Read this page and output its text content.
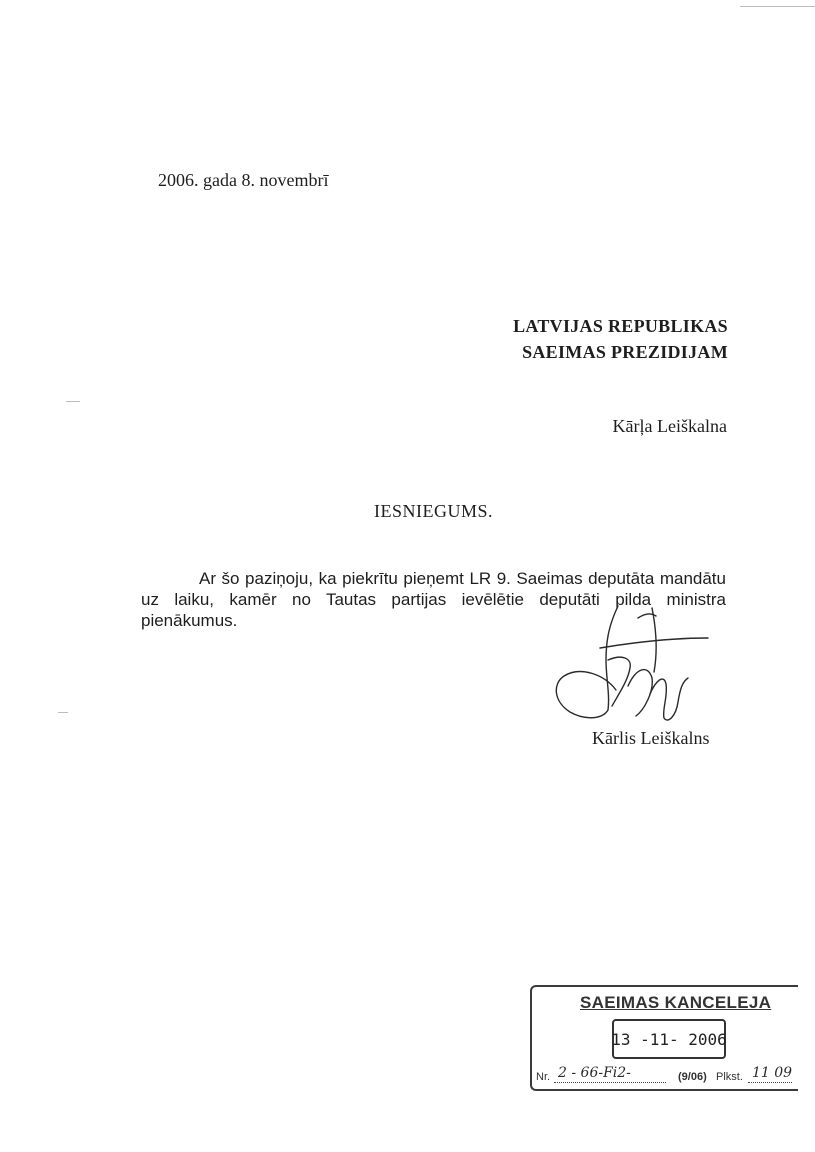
2006. gada 8. novembrī
LATVIJAS REPUBLIKAS
SAEIMAS PREZIDIJAM
Kārļa Leiškalna
IESNIEGUMS.
Ar šo paziņoju, ka piekrītu pieņemt LR 9. Saeimas deputāta mandātu uz laiku, kamēr no Tautas partijas ievēlētie deputāti pilda ministra pienākumus.
Kārlis Leiškalns
SAEIMAS KANCELEJA
13 -11- 2006
Nr. 2 - 66-Fi2-	(9/06) Plkst. 11 09
